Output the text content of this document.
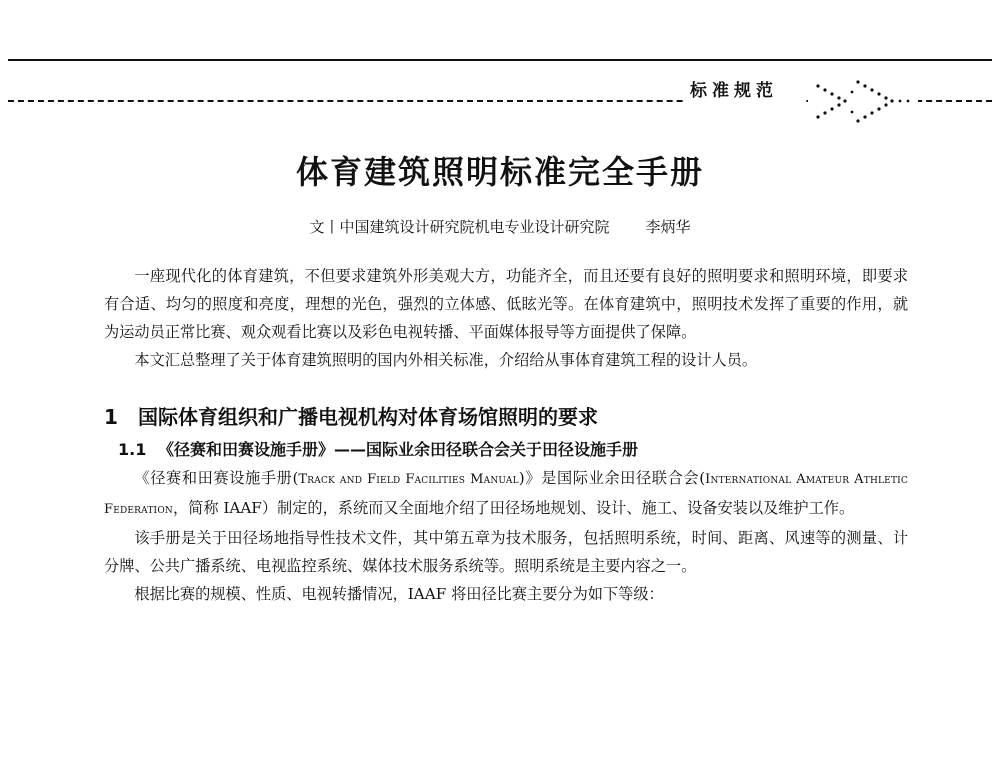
标准规范
体育建筑照明标准完全手册
文丨中国建筑设计研究院机电专业设计研究院 李炳华

一座现代化的体育建筑，不但要求建筑外形美观大方，功能齐全，而且还要有良好的照明要求和照明环境，即要求有合适、均匀的照度和亮度，理想的光色，强烈的立体感、低眩光等。在体育建筑中，照明技术发挥了重要的作用，就为运动员正常比赛、观众观看比赛以及彩色电视转播、平面媒体报导等方面提供了保障。

本文汇总整理了关于体育建筑照明的国内外相关标准，介绍给从事体育建筑工程的设计人员。

1 国际体育组织和广播电视机构对体育场馆照明的要求
1.1 《径赛和田赛设施手册》——国际业余田径联合会关于田径设施手册

《径赛和田赛设施手册(Track and Field Facilities Manual)》是国际业余田径联合会(International Amateur Athletic Federation，简称 IAAF）制定的，系统而又全面地介绍了田径场地规划、设计、施工、设备安装以及维护工作。

该手册是关于田径场地指导性技术文件，其中第五章为技术服务，包括照明系统，时间、距离、风速等的测量、计分牌、公共广播系统、电视监控系统、媒体技术服务系统等。照明系统是主要内容之一。

根据比赛的规模、性质、电视转播情况，IAAF 将田径比赛主要分为如下等级：
